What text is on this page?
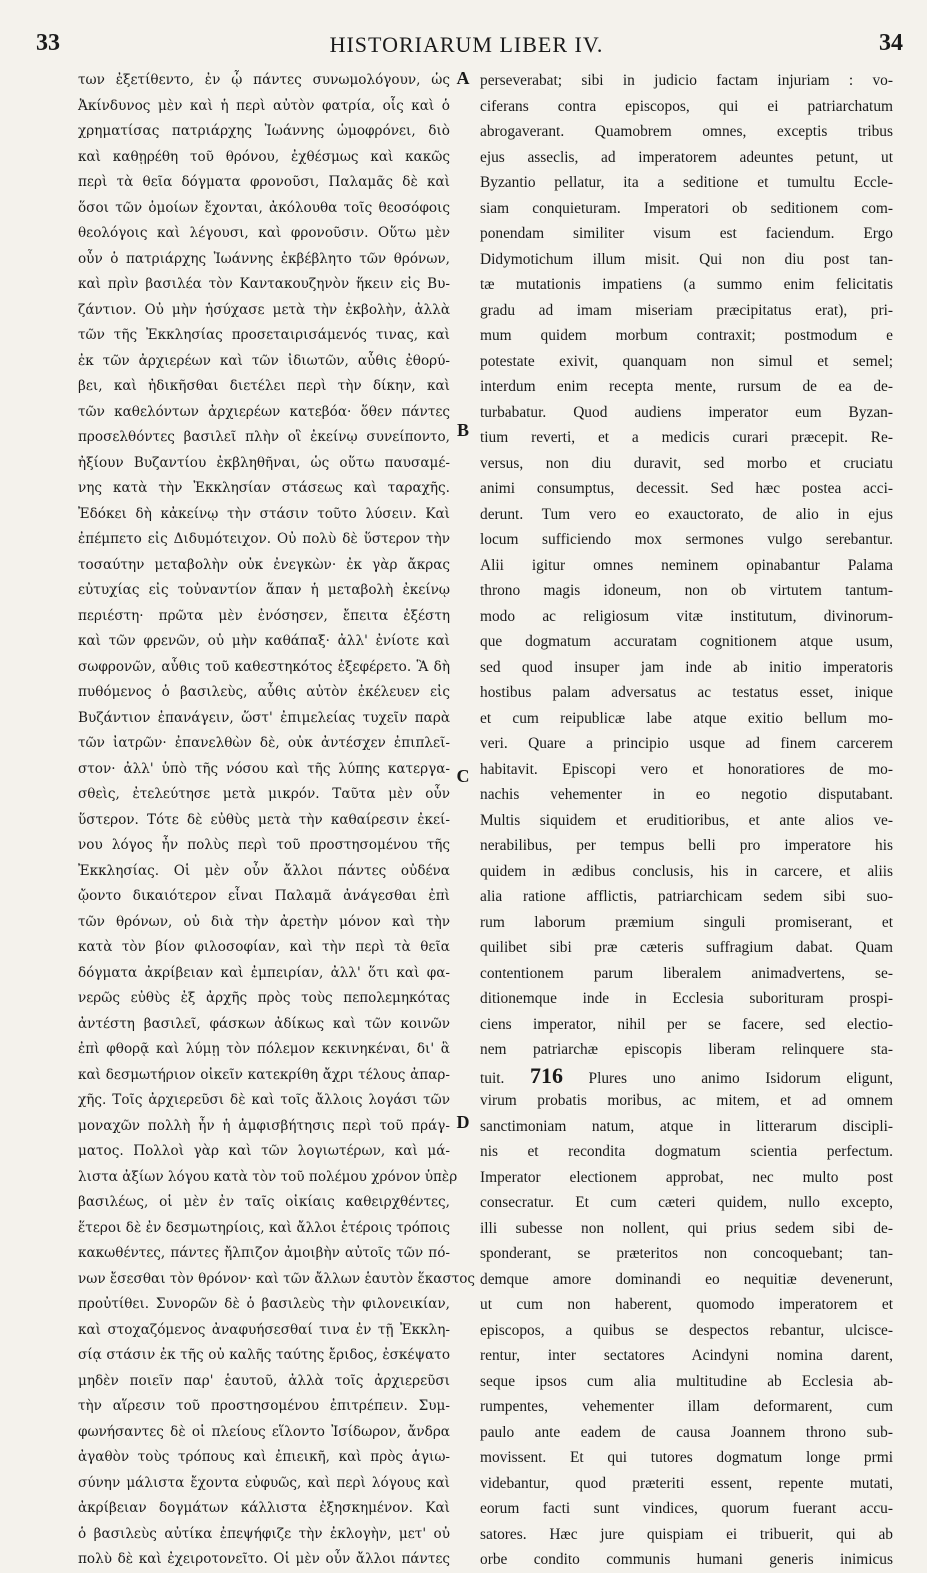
33	HISTORIARUM LIBER IV.	34
των ἐξετίθεντο, ἐν ᾧ πάντες συνωμολόγουν, ὡς
Ἀκίνδυνος μὲν καὶ ἡ περὶ αὐτὸν φατρία, οἷς καὶ ὁ
χρηματίσας πατριάρχης Ἰωάννης ὡμοφρόνει, διὸ
καὶ καθῃρέθη τοῦ θρόνου, ἐχθέσμως καὶ κακῶς
περὶ τὰ θεῖα δόγματα φρονοῦσι, Παλαμᾶς δὲ καὶ
ὅσοι τῶν ὁμοίων ἔχονται, ἀκόλουθα τοῖς θεοσόφοις
θεολόγοις καὶ λέγουσι, καὶ φρονοῦσιν. Οὕτω μὲν
οὖν ὁ πατριάρχης Ἰωάννης ἐκβέβλητο τῶν θρόνων,
καὶ πρὶν βασιλέα τὸν Καντακουζηνὸν ἥκειν εἰς Βυ-
ζάντιον. Οὐ μὴν ἡσύχασε μετὰ τὴν ἐκβολὴν, ἀλλὰ
τῶν τῆς Ἐκκλησίας προσεταιρισάμενός τινας, καὶ
ἐκ τῶν ἀρχιερέων καὶ τῶν ἰδιωτῶν, αὖθις ἐθορύ-
βει, καὶ ἠδικῆσθαι διετέλει περὶ τὴν δίκην, καὶ
τῶν καθελόντων ἀρχιερέων κατεβόα· ὅθεν πάντες
προσελθόντες βασιλεῖ πλὴν οἳ ἐκείνῳ συνείποντο,
ἠξίουν Βυζαντίου ἐκβληθῆναι, ὡς οὕτω παυσαμέ-
νης κατὰ τὴν Ἐκκλησίαν στάσεως καὶ ταραχῆς.
Ἐδόκει δὴ κἀκείνῳ τὴν στάσιν τοῦτο λύσειν. Καὶ
ἐπέμπετο εἰς Διδυμότειχον. Οὐ πολὺ δὲ ὕστερον τὴν
τοσαύτην μεταβολὴν οὐκ ἐνεγκὼν· ἐκ γὰρ ἄκρας
εὐτυχίας εἰς τοὐναντίον ἅπαν ἡ μεταβολὴ ἐκείνῳ
περιέστη· πρῶτα μὲν ἐνόσησεν, ἔπειτα ἐξέστη
καὶ τῶν φρενῶν, οὐ μὴν καθάπαξ· ἀλλ' ἐνίοτε καὶ
σωφρονῶν, αὖθις τοῦ καθεστηκότος ἐξεφέρετο. Ἃ δὴ
πυθόμενος ὁ βασιλεὺς, αὖθις αὐτὸν ἐκέλευεν εἰς
Βυζάντιον ἐπανάγειν, ὥστ' ἐπιμελείας τυχεῖν παρὰ
τῶν ἰατρῶν· ἐπανελθὼν δὲ, οὐκ ἀντέσχεν ἐπιπλεῖ-
στον· ἀλλ' ὑπὸ τῆς νόσου καὶ τῆς λύπης κατεργα-
σθεὶς, ἐτελεύτησε μετὰ μικρόν. Ταῦτα μὲν οὖν
ὕστερον. Τότε δὲ εὐθὺς μετὰ τὴν καθαίρεσιν ἐκεί-
νου λόγος ἦν πολὺς περὶ τοῦ προστησομένου τῆς
Ἐκκλησίας. Οἱ μὲν οὖν ἄλλοι πάντες οὐδένα
ᾤοντο δικαιότερον εἶναι Παλαμᾶ ἀνάγεσθαι ἐπὶ
τῶν θρόνων, οὐ διὰ τὴν ἀρετὴν μόνον καὶ τὴν
κατὰ τὸν βίον φιλοσοφίαν, καὶ τὴν περὶ τὰ θεῖα
δόγματα ἀκρίβειαν καὶ ἐμπειρίαν, ἀλλ' ὅτι καὶ φα-
νερῶς εὐθὺς ἐξ ἀρχῆς πρὸς τοὺς πεπολεμηκότας
ἀντέστη βασιλεῖ, φάσκων ἀδίκως καὶ τῶν κοινῶν
ἐπὶ φθορᾷ καὶ λύμῃ τὸν πόλεμον κεκινηκέναι, δι' ἃ
καὶ δεσμωτήριον οἰκεῖν κατεκρίθη ἄχρι τέλους ἀπαρ-
χῆς. Τοῖς ἀρχιερεῦσι δὲ καὶ τοῖς ἄλλοις λογάσι τῶν
μοναχῶν πολλὴ ἦν ἡ ἀμφισβήτησις περὶ τοῦ πράγ-
ματος. Πολλοὶ γὰρ καὶ τῶν λογιωτέρων, καὶ μά-
λιστα ἀξίων λόγου κατὰ τὸν τοῦ πολέμου χρόνον ὑπὲρ
βασιλέως, οἱ μὲν ἐν ταῖς οἰκίαις καθειρχθέντες,
ἕτεροι δὲ ἐν δεσμωτηρίοις, καὶ ἄλλοι ἑτέροις τρόποις
κακωθέντες, πάντες ἤλπιζον ἀμοιβὴν αὐτοῖς τῶν πό-
νων ἔσεσθαι τὸν θρόνον· καὶ τῶν ἄλλων ἑαυτὸν ἕκαστος
προὐτίθει. Συνορῶν δὲ ὁ βασιλεὺς τὴν φιλονεικίαν,
καὶ στοχαζόμενος ἀναφυήσεσθαί τινα ἐν τῇ Ἐκκλη-
σίᾳ στάσιν ἐκ τῆς οὐ καλῆς ταύτης ἔριδος, ἐσκέψατο
μηδὲν ποιεῖν παρ' ἑαυτοῦ, ἀλλὰ τοῖς ἀρχιερεῦσι
τὴν αἵρεσιν τοῦ προστησομένου ἐπιτρέπειν. Συμ-
φωνήσαντες δὲ οἱ πλείους εἵλοντο Ἰσίδωρον, ἄνδρα
ἀγαθὸν τοὺς τρόπους καὶ ἐπιεικῆ, καὶ πρὸς ἁγιω-
σύνην μάλιστα ἔχοντα εὐφυῶς, καὶ περὶ λόγους καὶ
ἀκρίβειαν δογμάτων κάλλιστα ἐξησκημένον. Καὶ
ὁ βασιλεὺς αὐτίκα ἐπεψήφιζε τὴν ἐκλογὴν, μετ' οὐ
πολὺ δὲ καὶ ἐχειροτονεῖτο. Οἱ μὲν οὖν ἄλλοι πάντες
A
B
C
D
perseverabat; sibi in judicio factam injuriam : vo-
ciferans contra episcopos, qui ei patriarchatum
abrogaverant. Quamobrem omnes, exceptis tribus
ejus asseclis, ad imperatorem adeuntes petunt, ut
Byzantio pellatur, ita a seditione et tumultu Eccle-
siam conquieturam. Imperatori ob seditionem com-
ponendam similiter visum est faciendum. Ergo
Didymotichum illum misit. Qui non diu post tan-
tæ mutationis impatiens (a summo enim felicitatis
gradu ad imam miseriam præcipitatus erat), pri-
mum quidem morbum contraxit; postmodum e
potestate exivit, quanquam non simul et semel;
interdum enim recepta mente, rursum de ea de-
turbabatur. Quod audiens imperator eum Byzan-
tium reverti, et a medicis curari præcepit. Re-
versus, non diu duravit, sed morbo et cruciatu
animi consumptus, decessit. Sed hæc postea acci-
derunt. Tum vero eo exauctorato, de alio in ejus
locum sufficiendo mox sermones vulgo serebantur.
Alii igitur omnes neminem opinabantur Palama
throno magis idoneum, non ob virtutem tantum-
modo ac religiosum vitæ institutum, divinorum-
que dogmatum accuratam cognitionem atque usum,
sed quod insuper jam inde ab initio imperatoris
hostibus palam adversatus ac testatus esset, inique
et cum reipublicæ labe atque exitio bellum mo-
veri. Quare a principio usque ad finem carcerem
habitavit. Episcopi vero et honoratiores de mo-
nachis vehementer in eo negotio disputabant.
Multis siquidem et eruditioribus, et ante alios ve-
nerabilibus, per tempus belli pro imperatore his
quidem in ædibus conclusis, his in carcere, et aliis
alia ratione afflictis, patriarchicam sedem sibi suo-
rum laborum præmium singuli promiserant, et
quilibet sibi præ cæteris suffragium dabat. Quam
contentionem parum liberalem animadvertens, se-
ditionemque inde in Ecclesia suborituram prospi-
ciens imperator, nihil per se facere, sed electio-
nem patriarchæ episcopis liberam relinquere sta-
tuit. 716 Plures uno animo Isidorum eligunt,
virum probatis moribus, ac mitem, et ad omnem
sanctimoniam natum, atque in litterarum discipli-
nis et recondita dogmatum scientia perfectum.
Imperator electionem approbat, nec multo post
consecratur. Et cum cæteri quidem, nullo excepto,
illi subesse non nollent, qui prius sedem sibi de-
sponderant, se præteritos non concoquebant; tan-
demque amore dominandi eo nequitiæ devenerunt,
ut cum non haberent, quomodo imperatorem et
episcopos, a quibus se despectos rebantur, ulcisce-
rentur, inter sectatores Acindyni nomina darent,
seque ipsos cum alia multitudine ab Ecclesia ab-
rumpentes, vehementer illam deformarent, cum
paulo ante eadem de causa Joannem throno sub-
movissent. Et qui tutores dogmatum longe prmi
videbantur, quod præteriti essent, repente mutati,
eorum facti sunt vindices, quorum fuerant accu-
satores. Hæc jure quispiam ei tribuerit, qui ab
orbe condito communis humani generis inimicus
